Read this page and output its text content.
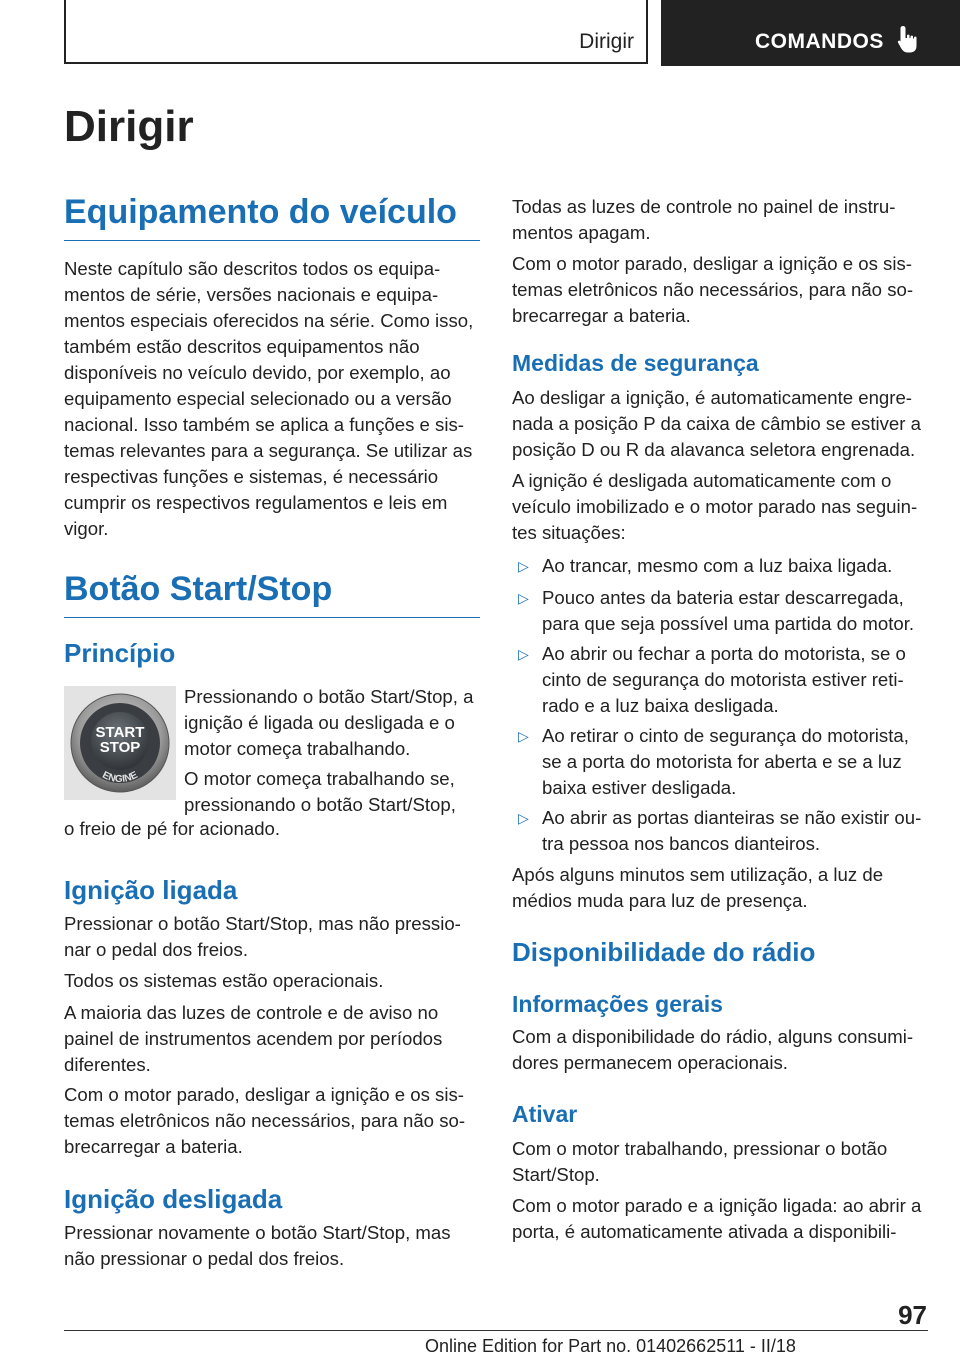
Dirigir	COMANDOS
Dirigir
Equipamento do veículo

Neste capítulo são descritos todos os equipa-mentos de série, versões nacionais e equipa-mentos especiais oferecidos na série. Como isso, também estão descritos equipamentos não disponíveis no veículo devido, por exemplo, ao equipamento especial selecionado ou a versão nacional. Isso também se aplica a funções e sis-temas relevantes para a segurança. Se utilizar as respectivas funções e sistemas, é necessário cumprir os respectivos regulamentos e leis em vigor.

Botão Start/Stop
Princípio
START
STOP
ENGINE

Pressionando o botão Start/Stop, a ignição é ligada ou desligada e o motor começa trabalhando.

O motor começa trabalhando se, pressionando o botão Start/Stop,

o freio de pé for acionado.

Ignição ligada

Pressionar o botão Start/Stop, mas não pressio-nar o pedal dos freios.

Todos os sistemas estão operacionais.

A maioria das luzes de controle e de aviso no painel de instrumentos acendem por períodos diferentes.

Com o motor parado, desligar a ignição e os sis-temas eletrônicos não necessários, para não so-brecarregar a bateria.

Ignição desligada

Pressionar novamente o botão Start/Stop, mas não pressionar o pedal dos freios.

Todas as luzes de controle no painel de instru-mentos apagam.

Com o motor parado, desligar a ignição e os sis-temas eletrônicos não necessários, para não so-brecarregar a bateria.

Medidas de segurança

Ao desligar a ignição, é automaticamente engre-nada a posição P da caixa de câmbio se estiver a posição D ou R da alavanca seletora engrenada.

A ignição é desligada automaticamente com o veículo imobilizado e o motor parado nas seguin-tes situações:

▷ Ao trancar, mesmo com a luz baixa ligada.
▷ Pouco antes da bateria estar descarregada, para que seja possível uma partida do motor.
▷ Ao abrir ou fechar a porta do motorista, se o cinto de segurança do motorista estiver reti-rado e a luz baixa desligada.
▷ Ao retirar o cinto de segurança do motorista, se a porta do motorista for aberta e se a luz baixa estiver desligada.
▷ Ao abrir as portas dianteiras se não existir ou-tra pessoa nos bancos dianteiros.

Após alguns minutos sem utilização, a luz de médios muda para luz de presença.

Disponibilidade do rádio
Informações gerais

Com a disponibilidade do rádio, alguns consumi-dores permanecem operacionais.

Ativar

Com o motor trabalhando, pressionar o botão Start/Stop.

Com o motor parado e a ignição ligada: ao abrir a porta, é automaticamente ativada a disponibili-

97
Online Edition for Part no. 01402662511 - II/18
